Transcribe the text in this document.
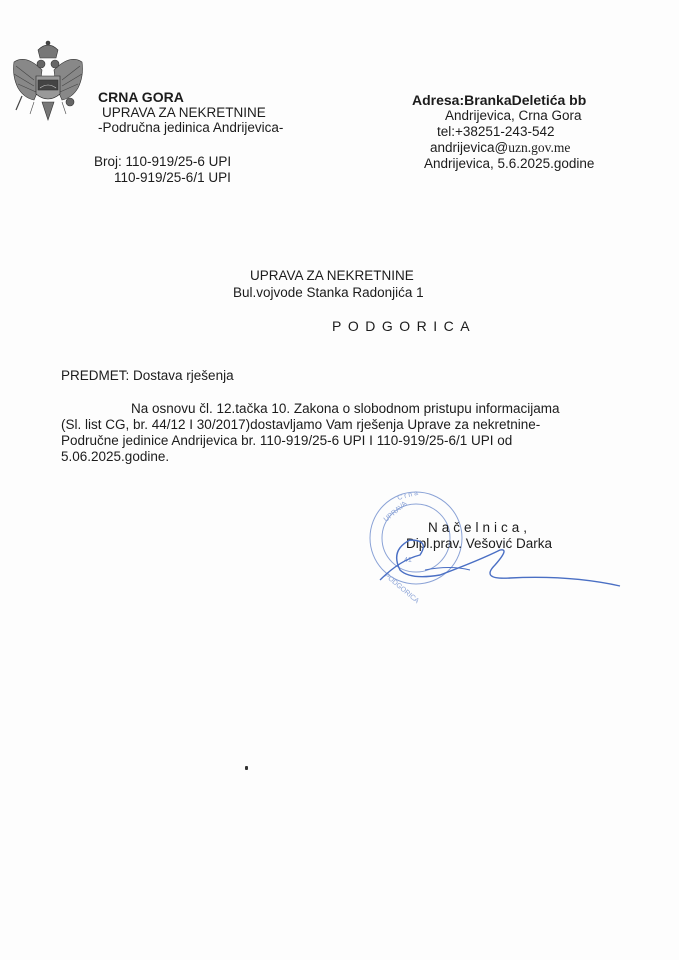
CRNA GORA
UPRAVA ZA NEKRETNINE
-Područna jedinica Andrijevica-
Broj: 110-919/25-6 UPI
110-919/25-6/1 UPI
Adresa:BrankaDeletića bb
Andrijevica, Crna Gora
tel:+38251-243-542
andrijevica@uzn.gov.me
Andrijevica, 5.6.2025.godine
UPRAVA ZA NEKRETNINE
Bul.vojvode Stanka Radonjića 1
PODGORICA
PREDMET: Dostava rješenja
Na osnovu čl. 12.tačka 10. Zakona o slobodnom pristupu informacijama
(Sl. list CG, br. 44/12 I 30/2017)dostavljamo Vam rješenja Uprave za nekretnine-
Područne jedinice Andrijevica br. 110-919/25-6 UPI I 110-919/25-6/1 UPI od
5.06.2025.godine.
C r n a
UPRAVA
PODGORICA
41
Načelnica,
Dipl.prav. Vešović Darka
